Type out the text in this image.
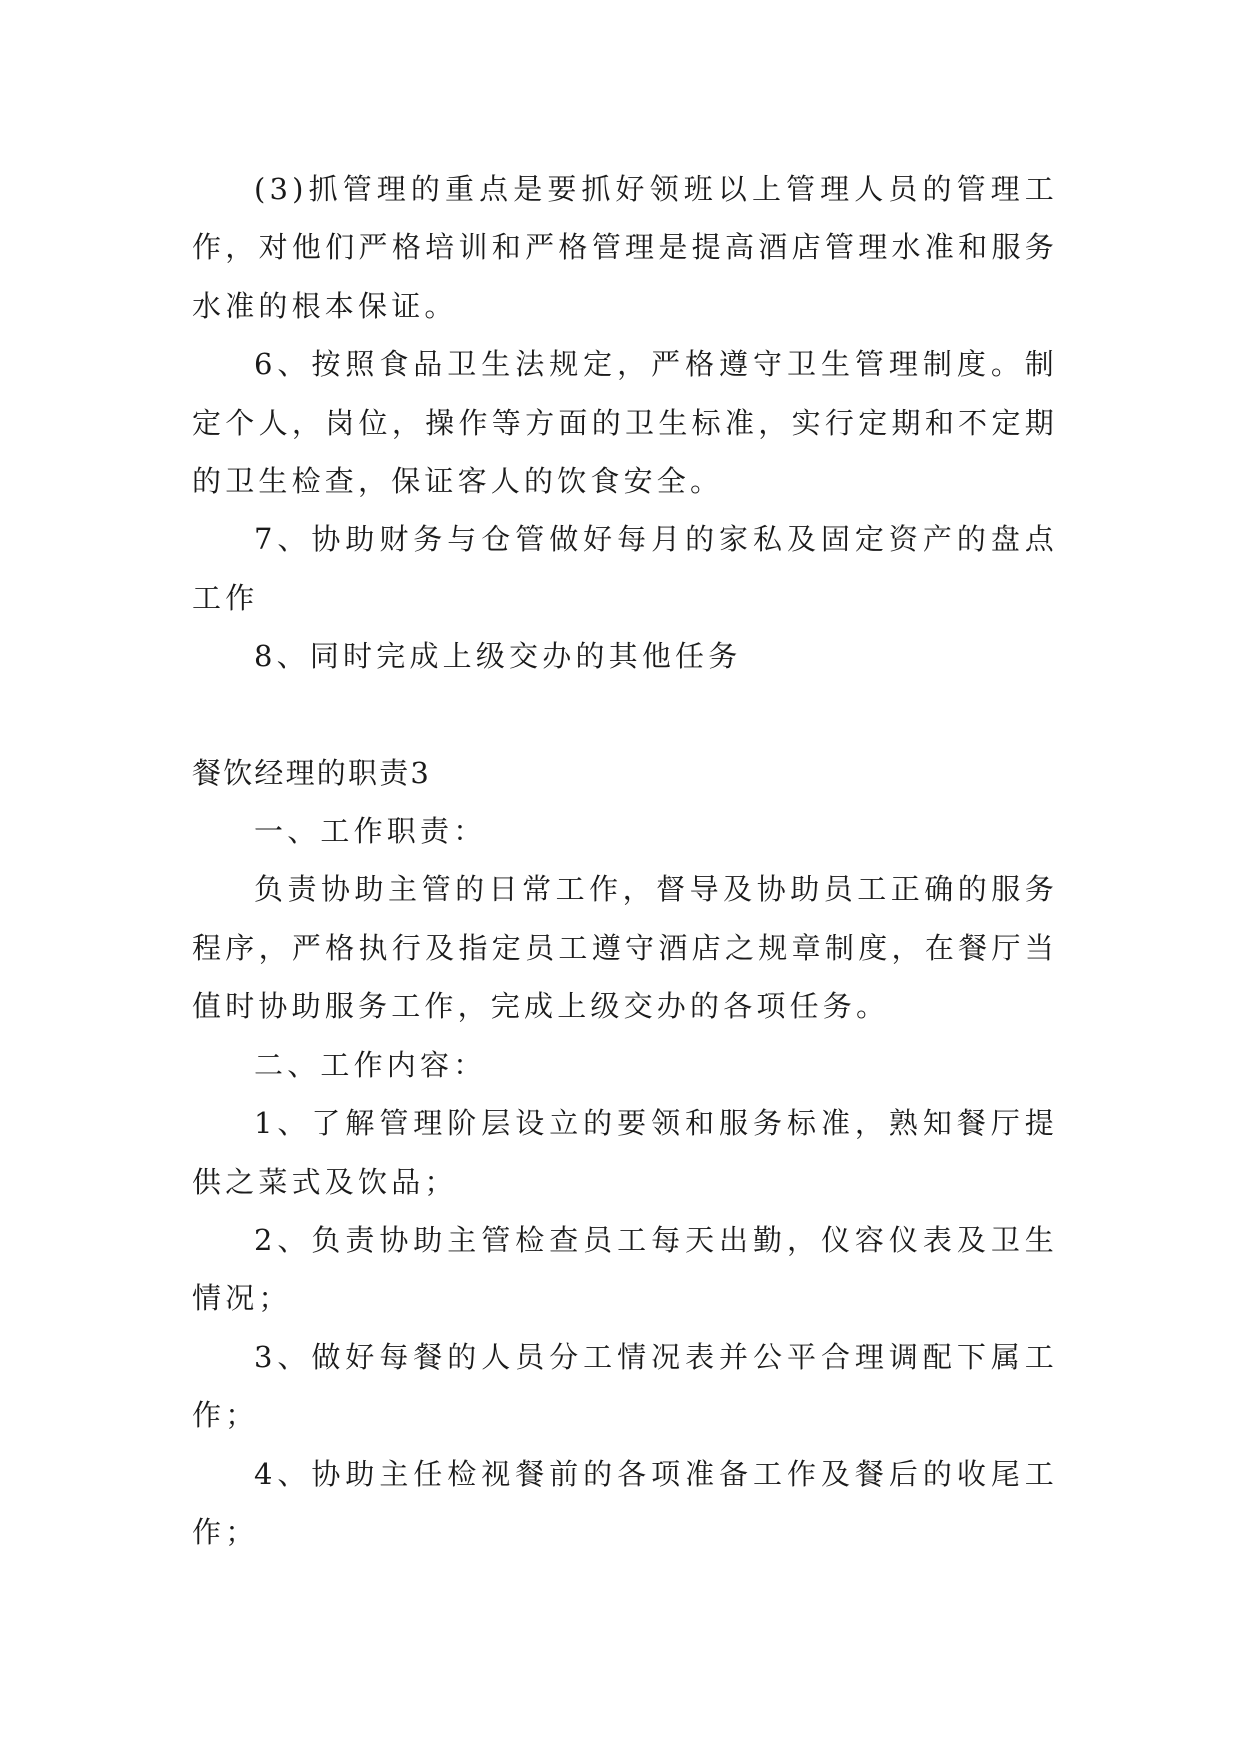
(3)抓管理的重点是要抓好领班以上管理人员的管理工作，对他们严格培训和严格管理是提高酒店管理水准和服务水准的根本保证。

6、按照食品卫生法规定，严格遵守卫生管理制度。制定个人，岗位，操作等方面的卫生标准，实行定期和不定期的卫生检查，保证客人的饮食安全。

7、协助财务与仓管做好每月的家私及固定资产的盘点工作

8、同时完成上级交办的其他任务

餐饮经理的职责3

一、工作职责：

负责协助主管的日常工作，督导及协助员工正确的服务程序，严格执行及指定员工遵守酒店之规章制度，在餐厅当值时协助服务工作，完成上级交办的各项任务。

二、工作内容：

1、了解管理阶层设立的要领和服务标准，熟知餐厅提供之菜式及饮品；

2、负责协助主管检查员工每天出勤，仪容仪表及卫生情况；

3、做好每餐的人员分工情况表并公平合理调配下属工作；

4、协助主任检视餐前的各项准备工作及餐后的收尾工作；
